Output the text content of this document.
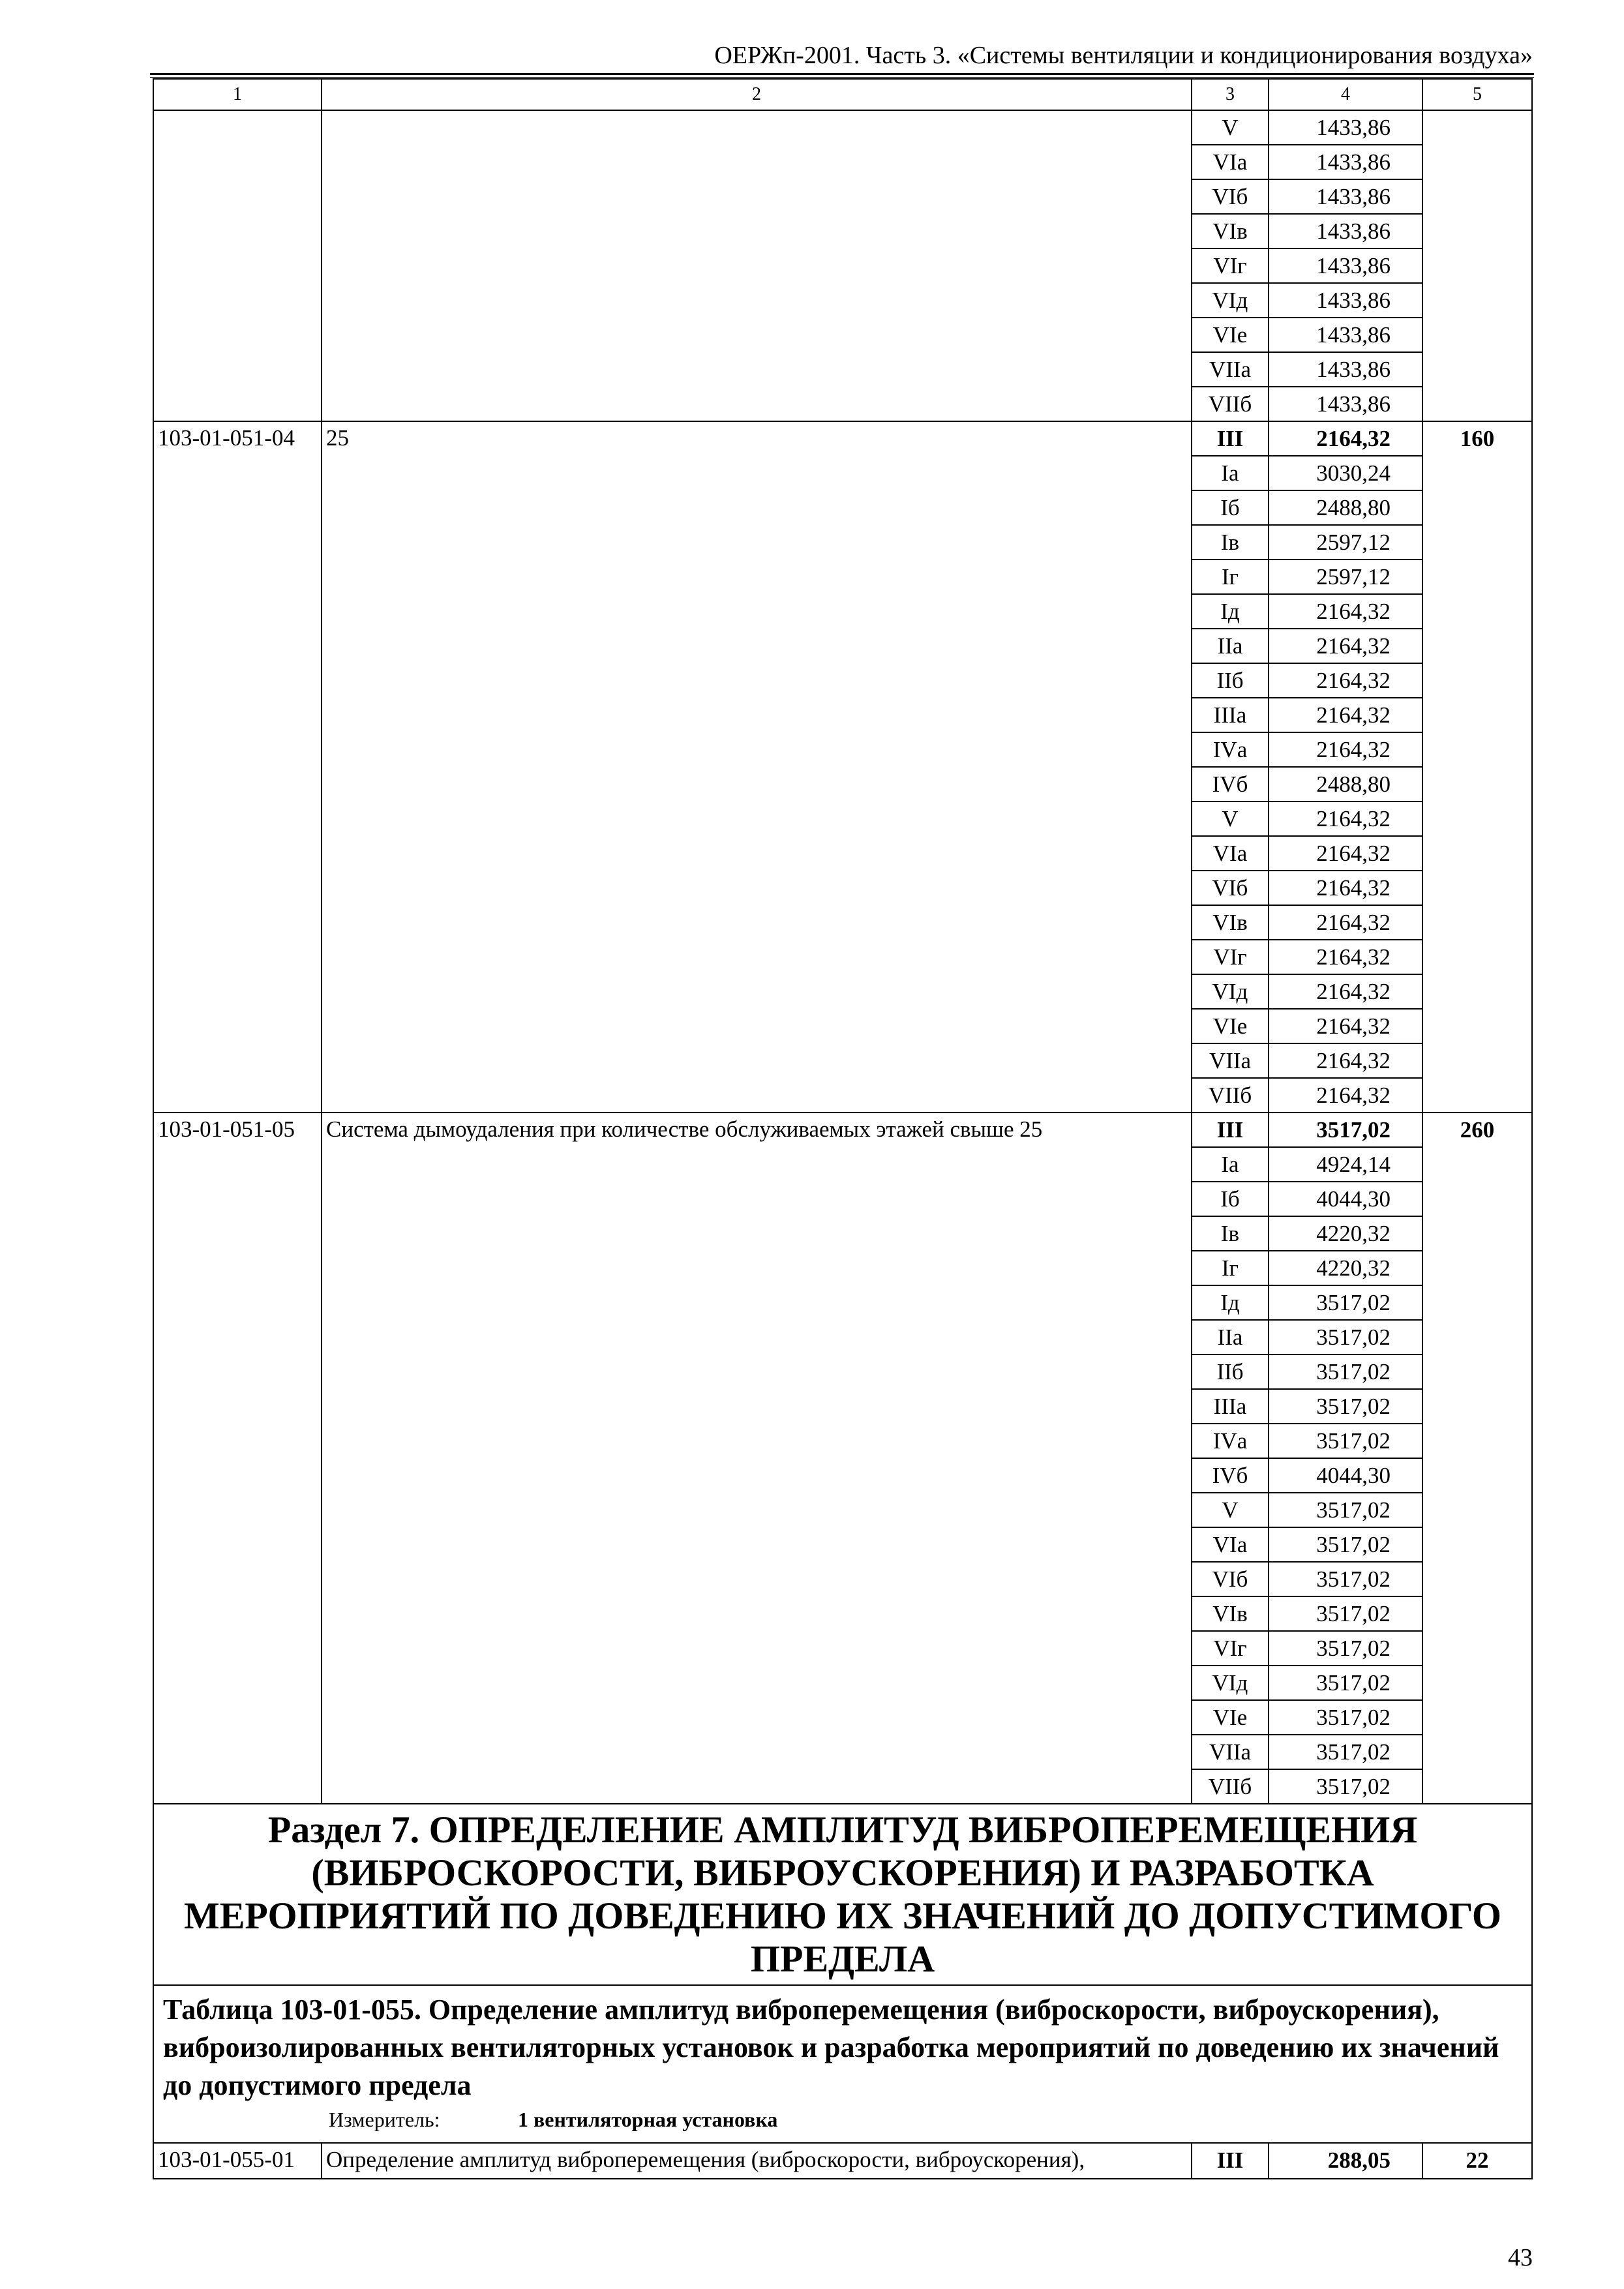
ОЕРЖп-2001. Часть 3. «Системы вентиляции и кондиционирования воздуха»
1	2	3	4	5
		V	1433,86	
		VIа	1433,86	
		VIб	1433,86	
		VIв	1433,86	
		VIг	1433,86	
		VIд	1433,86	
		VIе	1433,86	
		VIIа	1433,86	
		VIIб	1433,86	
103-01-051-04	25	III	2164,32	160
		Iа	3030,24	
		Iб	2488,80	
		Iв	2597,12	
		Iг	2597,12	
		Iд	2164,32	
		IIа	2164,32	
		IIб	2164,32	
		IIIа	2164,32	
		IVа	2164,32	
		IVб	2488,80	
		V	2164,32	
		VIа	2164,32	
		VIб	2164,32	
		VIв	2164,32	
		VIг	2164,32	
		VIд	2164,32	
		VIе	2164,32	
		VIIа	2164,32	
		VIIб	2164,32	
103-01-051-05	Система дымоудаления при количестве обслуживаемых этажей свыше 25	III	3517,02	260
		Iа	4924,14	
		Iб	4044,30	
		Iв	4220,32	
		Iг	4220,32	
		Iд	3517,02	
		IIа	3517,02	
		IIб	3517,02	
		IIIа	3517,02	
		IVа	3517,02	
		IVб	4044,30	
		V	3517,02	
		VIа	3517,02	
		VIб	3517,02	
		VIв	3517,02	
		VIг	3517,02	
		VIд	3517,02	
		VIе	3517,02	
		VIIа	3517,02	
		VIIб	3517,02	
Раздел 7. ОПРЕДЕЛЕНИЕ АМПЛИТУД ВИБРОПЕРЕМЕЩЕНИЯ (ВИБРОСКОРОСТИ, ВИБРОУСКОРЕНИЯ) И РАЗРАБОТКА МЕРОПРИЯТИЙ ПО ДОВЕДЕНИЮ ИХ ЗНАЧЕНИЙ ДО ДОПУСТИМОГО ПРЕДЕЛА				

Таблица 103-01-055. Определение амплитуд виброперемещения (виброскорости, виброускорения), виброизолированных вентиляторных установок и разработка мероприятий по доведению их значений до допустимого предела
Измеритель: 1 вентиляторная установка				

103-01-055-01	Определение амплитуд виброперемещения (виброскорости, виброускорения),	III	288,05	22
43
